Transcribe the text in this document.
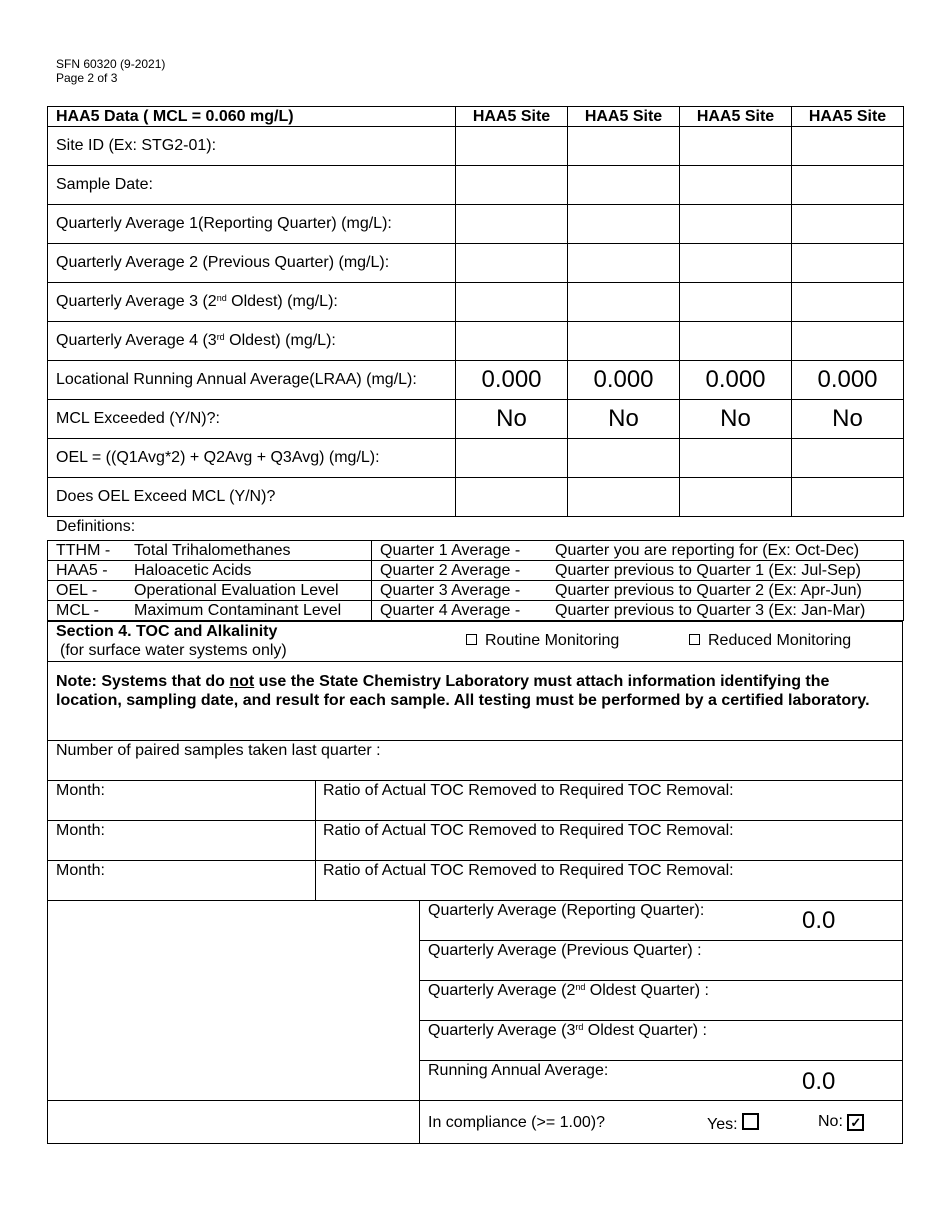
SFN 60320 (9-2021)
Page 2 of 3
HAA5 Data ( MCL = 0.060 mg/L)	HAA5 Site	HAA5 Site	HAA5 Site	HAA5 Site
Site ID (Ex: STG2-01):				
Sample Date:				
Quarterly Average 1(Reporting Quarter) (mg/L):				
Quarterly Average 2 (Previous Quarter) (mg/L):				
Quarterly Average 3 (2nd Oldest) (mg/L):				
Quarterly Average 4 (3rd Oldest) (mg/L):				
Locational Running Annual Average(LRAA) (mg/L):	0.000	0.000	0.000	0.000
MCL Exceeded (Y/N)?:	No	No	No	No
OEL = ((Q1Avg*2) + Q2Avg + Q3Avg) (mg/L):				
Does OEL Exceed MCL (Y/N)?				
Definitions:
TTHM - Total Trihalomethanes	Quarter 1 Average - Quarter you are reporting for (Ex: Oct-Dec)
HAA5 - Haloacetic Acids	Quarter 2 Average - Quarter previous to Quarter 1 (Ex: Jul-Sep)
OEL - Operational Evaluation Level	Quarter 3 Average - Quarter previous to Quarter 2 (Ex: Apr-Jun)
MCL - Maximum Contaminant Level	Quarter 4 Average - Quarter previous to Quarter 3 (Ex: Jan-Mar)
Section 4. TOC and Alkalinity
(for surface water systems only)
Routine Monitoring	Reduced Monitoring
Note: Systems that do not use the State Chemistry Laboratory must attach information identifying the location, sampling date, and result for each sample. All testing must be performed by a certified laboratory.
Number of paired samples taken last quarter :
Month:	Ratio of Actual TOC Removed to Required TOC Removal:
Month:	Ratio of Actual TOC Removed to Required TOC Removal:
Month:	Ratio of Actual TOC Removed to Required TOC Removal:
Quarterly Average (Reporting Quarter):	0.0
Quarterly Average (Previous Quarter) :
Quarterly Average (2nd Oldest Quarter) :
Quarterly Average (3rd Oldest Quarter) :
Running Annual Average:	0.0
In compliance (>= 1.00)?	Yes:	No: ✓
